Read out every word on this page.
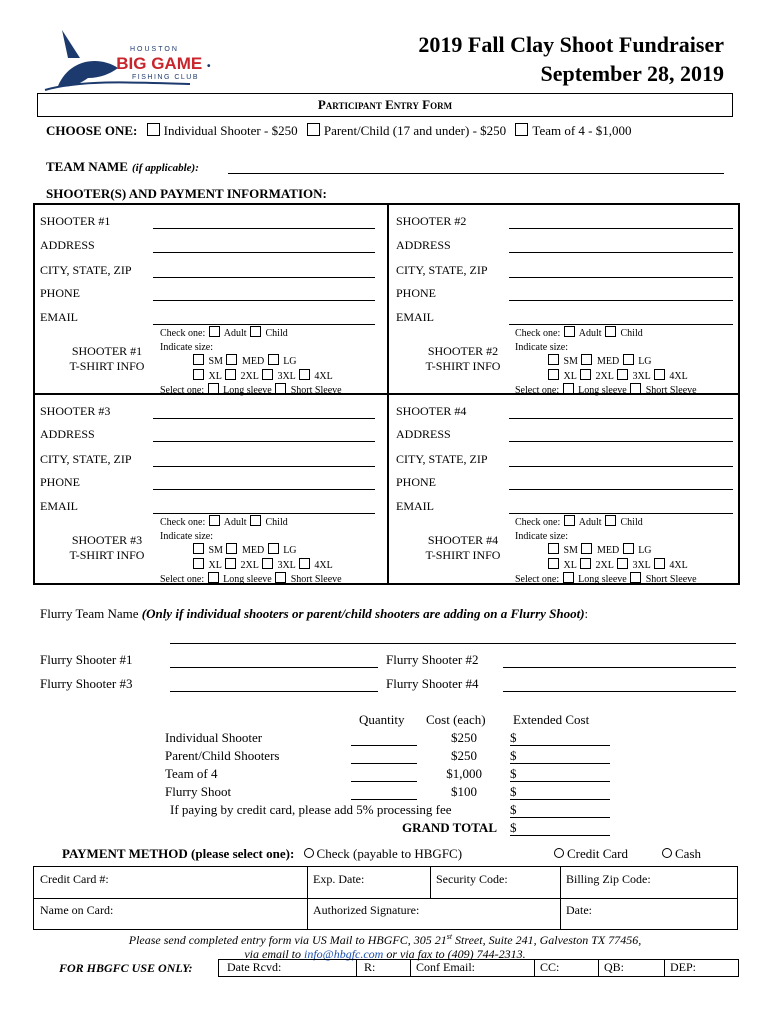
HOUSTON
• BIG GAME •
FISHING CLUB
2019 Fall Clay Shoot Fundraiser
September 28, 2019
Participant Entry Form
CHOOSE ONE: Individual Shooter - $250 Parent/Child (17 and under) - $250 Team of 4 - $1,000
TEAM NAME (if applicable):
SHOOTER(S) AND PAYMENT INFORMATION:
SHOOTER #1
ADDRESS
CITY, STATE, ZIP
PHONE
EMAIL
SHOOTER #1
T-SHIRT INFO
Check one: Adult Child
Indicate size:
SM MED LG
XL 2XL 3XL 4XL
Select one: Long sleeve Short Sleeve
SHOOTER #2
ADDRESS
CITY, STATE, ZIP
PHONE
EMAIL
SHOOTER #2
T-SHIRT INFO
Check one: Adult Child
Indicate size:
SM MED LG
XL 2XL 3XL 4XL
Select one: Long sleeve Short Sleeve
SHOOTER #3
ADDRESS
CITY, STATE, ZIP
PHONE
EMAIL
SHOOTER #3
T-SHIRT INFO
Check one: Adult Child
Indicate size:
SM MED LG
XL 2XL 3XL 4XL
Select one: Long sleeve Short Sleeve
SHOOTER #4
ADDRESS
CITY, STATE, ZIP
PHONE
EMAIL
SHOOTER #4
T-SHIRT INFO
Check one: Adult Child
Indicate size:
SM MED LG
XL 2XL 3XL 4XL
Select one: Long sleeve Short Sleeve
Flurry Team Name (Only if individual shooters or parent/child shooters are adding on a Flurry Shoot):
Flurry Shooter #1	Flurry Shooter #2
Flurry Shooter #3	Flurry Shooter #4
Quantity Cost (each) Extended Cost
Individual Shooter	$250	$
Parent/Child Shooters	$250	$
Team of 4	$1,000 $
Flurry Shoot	$100	$
If paying by credit card, please add 5% processing fee	$
GRAND TOTAL $
PAYMENT METHOD (please select one): Check (payable to HBGFC)	Credit Card	Cash
Credit Card #:	Exp. Date:	Security Code:	Billing Zip Code:
Name on Card:	Authorized Signature:	Date:
Please send completed entry form via US Mail to HBGFC, 305 21st Street, Suite 241, Galveston TX 77456,
via email to info@hbgfc.com or via fax to (409) 744-2313.
FOR HBGFC USE ONLY:	Date Rcvd:	R:	Conf Email:	CC:	QB:	DEP:
